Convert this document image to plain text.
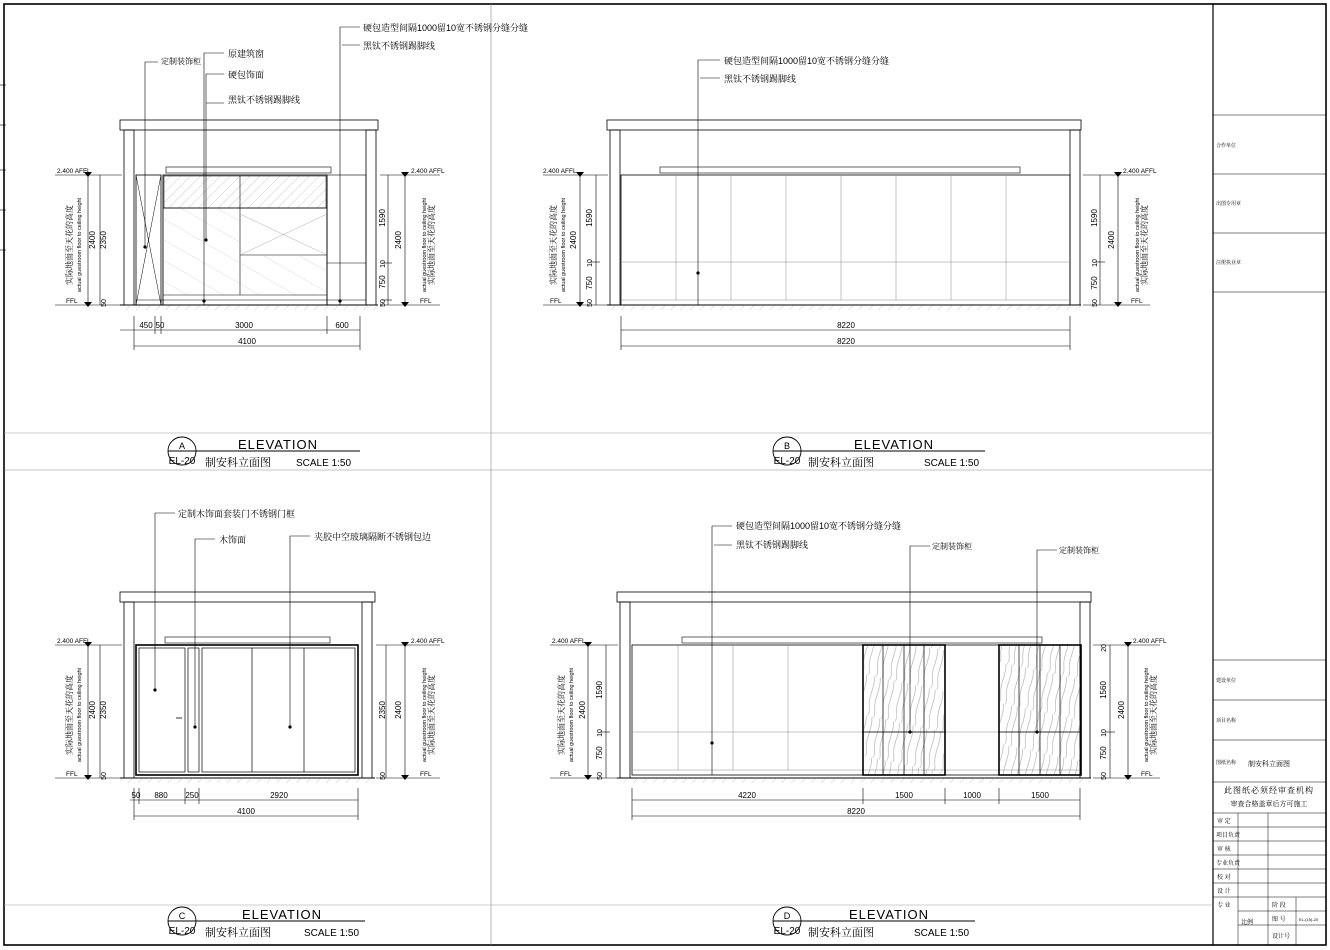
定制装饰柜
原建筑窗
硬包饰面
黑钛不锈钢踢脚线
硬包造型间隔1000留10宽不锈钢分缝分缝
黑钛不锈钢踢脚线
2.400 AFFL
FFL
2.400 AFFL
FFL
实际地面至天花的高度 actual guestroom floor to ceiling height	actual guestroom floor to ceiling height 实际地面至天花的高度
2400 2350
50
1590
10
750
50
2400
450 50	3000	600
4100
A
EL-20
ELEVATION
制安科立面图	SCALE 1:50
硬包造型间隔1000留10宽不锈钢分缝分缝
黑钛不锈钢踢脚线
2.400 AFFL
FFL
2.400 AFFL
FFL
实际地面至天花的高度 actual guestroom floor to ceiling height	actual guestroom floor to ceiling height 实际地面至天花的高度
1590
10
750
50
2400
1590
10
750
50
2400
8220
8220
B
EL-20
ELEVATION
制安科立面图	SCALE 1:50
定制木饰面套装门不锈钢门框
木饰面	夹胶中空玻璃隔断不锈钢包边
2.400 AFFL
FFL
2.400 AFFL
FFL
实际地面至天花的高度 actual guestroom floor to ceiling height	actual guestroom floor to ceiling height 实际地面至天花的高度
2400 2350
50
2350 2400
50
50 880 250	2920
4100
C
EL-20
ELEVATION
制安科立面图	SCALE 1:50
硬包造型间隔1000留10宽不锈钢分缝分缝
黑钛不锈钢踢脚线	定制装饰柜	定制装饰柜
2.400 AFFL
FFL
2.400 AFFL
FFL
实际地面至天花的高度 actual guestroom floor to ceiling height	actual guestroom floor to ceiling height 实际地面至天花的高度
1590
10
750
50
2400
20
1560
10
750
50
2400
4220	1500	1000	1500
8220
D
EL-20
ELEVATION
制安科立面图	SCALE 1:50
合作单位
出图专用章
注册执业章
建设单位
项目名称
图纸名称 制安科立面图
此图纸必须经审查机构
审查合格盖章后方可施工
审 定
项目负责
审 核
专业负责
校 对
设 计
专 业	阶 段
比例	图 号	EL-(15)-20
设计号
